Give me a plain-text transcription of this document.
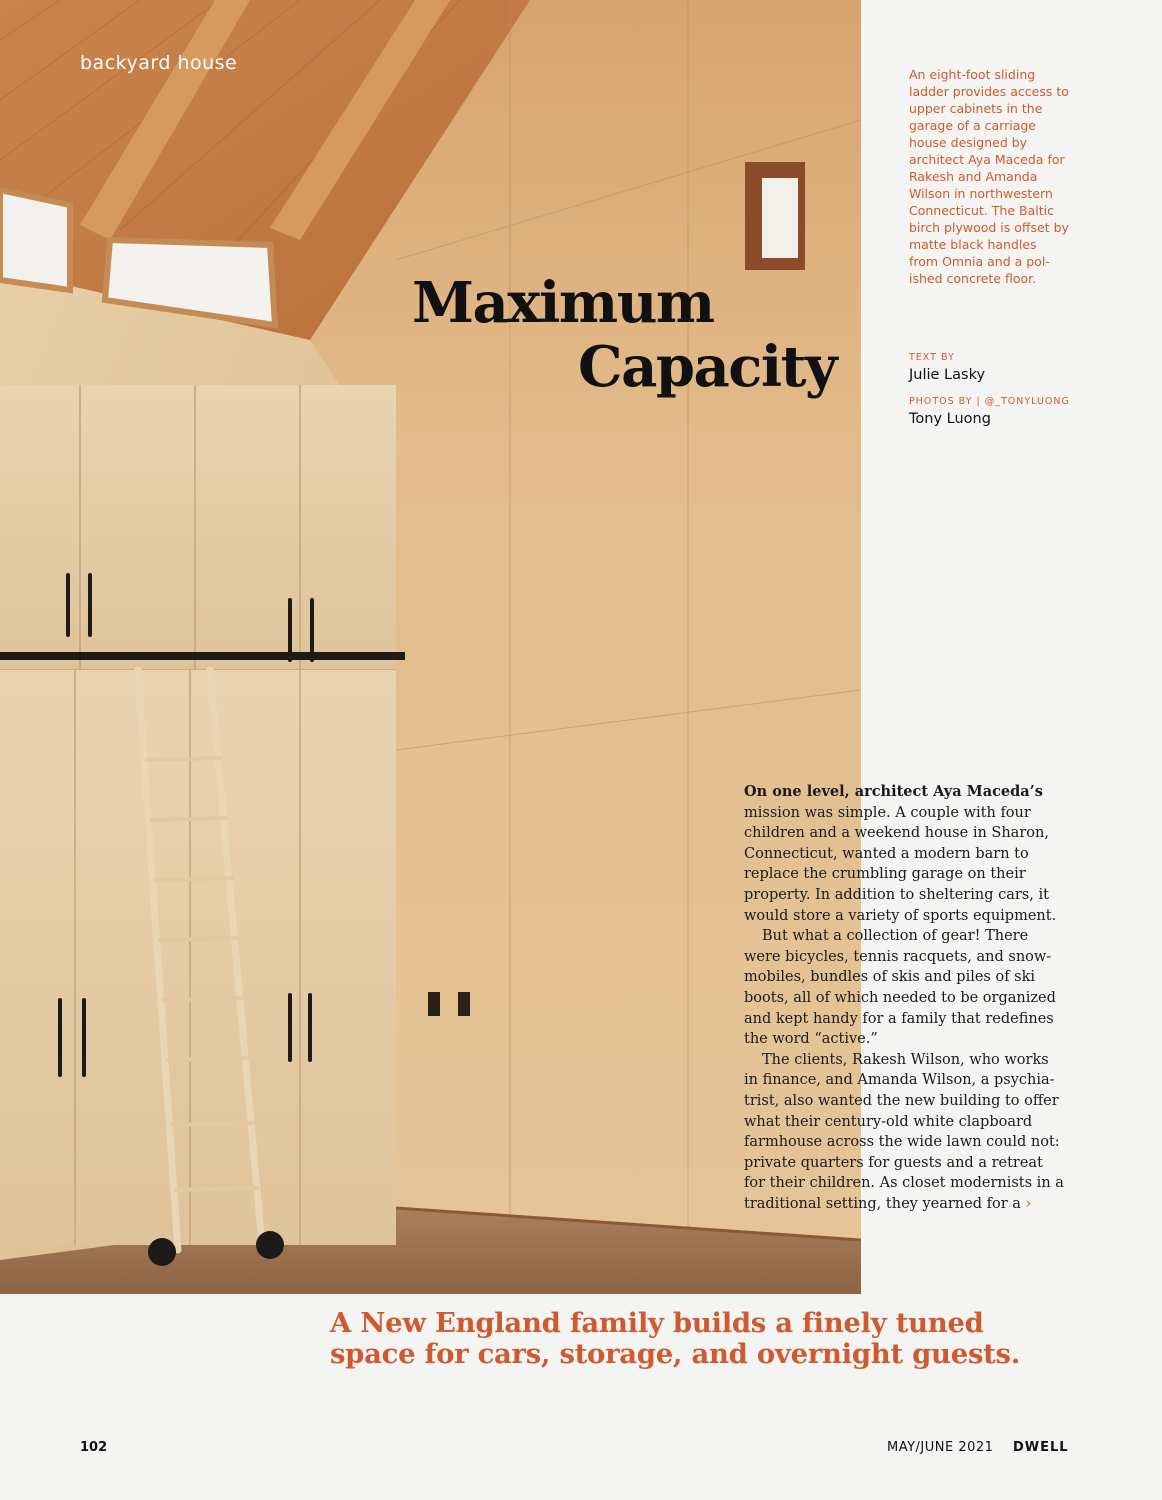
backyard house
Maximum
Capacity
An eight-foot sliding ladder provides access to upper cabinets in the garage of a carriage house designed by architect Aya Maceda for Rakesh and Amanda Wilson in northwestern Connecticut. The Baltic birch plywood is offset by matte black handles from Omnia and a pol-ished concrete floor.
TEXT BY
Julie Lasky
PHOTOS BY | @_TONYLUONG
Tony Luong

On one level, architect Aya Maceda’s mission was simple. A couple with four children and a weekend house in Sharon, Connecticut, wanted a modern barn to replace the crumbling garage on their property. In addition to sheltering cars, it would store a variety of sports equipment.

But what a collection of gear! There were bicycles, tennis racquets, and snow-mobiles, bundles of skis and piles of ski boots, all of which needed to be organized and kept handy for a family that redefines the word “active.”

The clients, Rakesh Wilson, who works in finance, and Amanda Wilson, a psychia-trist, also wanted the new building to offer what their century-old white clapboard farmhouse across the wide lawn could not: private quarters for guests and a retreat for their children. As closet modernists in a traditional setting, they yearned for a ›

A New England family builds a finely tuned space for cars, storage, and overnight guests.
102	MAY/JUNE 2021 DWELL
